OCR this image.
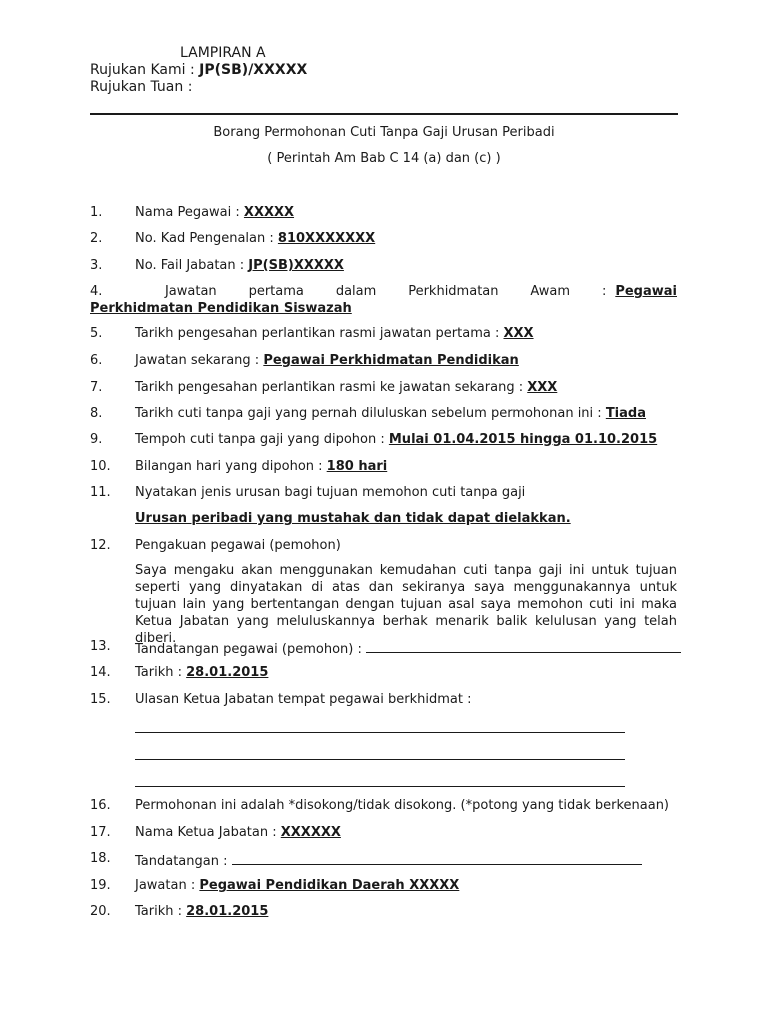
LAMPIRAN A
Rujukan Kami : JP(SB)/XXXXX
Rujukan Tuan :
Borang Permohonan Cuti Tanpa Gaji Urusan Peribadi
( Perintah Am Bab C 14 (a) dan (c) )
1.	Nama Pegawai : XXXXX
2.	No. Kad Pengenalan : 810XXXXXXX
3.	No. Fail Jabatan : JP(SB)XXXXX
4.	Jawatan pertama dalam Perkhidmatan Awam : Pegawai Perkhidmatan Pendidikan Siswazah
5.	Tarikh pengesahan perlantikan rasmi jawatan pertama : XXX
6.	Jawatan sekarang : Pegawai Perkhidmatan Pendidikan
7.	Tarikh pengesahan perlantikan rasmi ke jawatan sekarang : XXX
8.	Tarikh cuti tanpa gaji yang pernah diluluskan sebelum permohonan ini : Tiada
9.	Tempoh cuti tanpa gaji yang dipohon : Mulai 01.04.2015 hingga 01.10.2015
10. Bilangan hari yang dipohon : 180 hari
11. Nyatakan jenis urusan bagi tujuan memohon cuti tanpa gaji
Urusan peribadi yang mustahak dan tidak dapat dielakkan.
12. Pengakuan pegawai (pemohon)
Saya mengaku akan menggunakan kemudahan cuti tanpa gaji ini untuk tujuan seperti yang dinyatakan di atas dan sekiranya saya menggunakannya untuk tujuan lain yang bertentangan dengan tujuan asal saya memohon cuti ini maka Ketua Jabatan yang meluluskannya berhak menarik balik kelulusan yang telah diberi.
13. Tandatangan pegawai (pemohon) :
14. Tarikh : 28.01.2015
15. Ulasan Ketua Jabatan tempat pegawai berkhidmat :
16. Permohonan ini adalah *disokong/tidak disokong. (*potong yang tidak berkenaan)
17. Nama Ketua Jabatan : XXXXXX
18. Tandatangan :
19. Jawatan : Pegawai Pendidikan Daerah XXXXX
20. Tarikh : 28.01.2015
